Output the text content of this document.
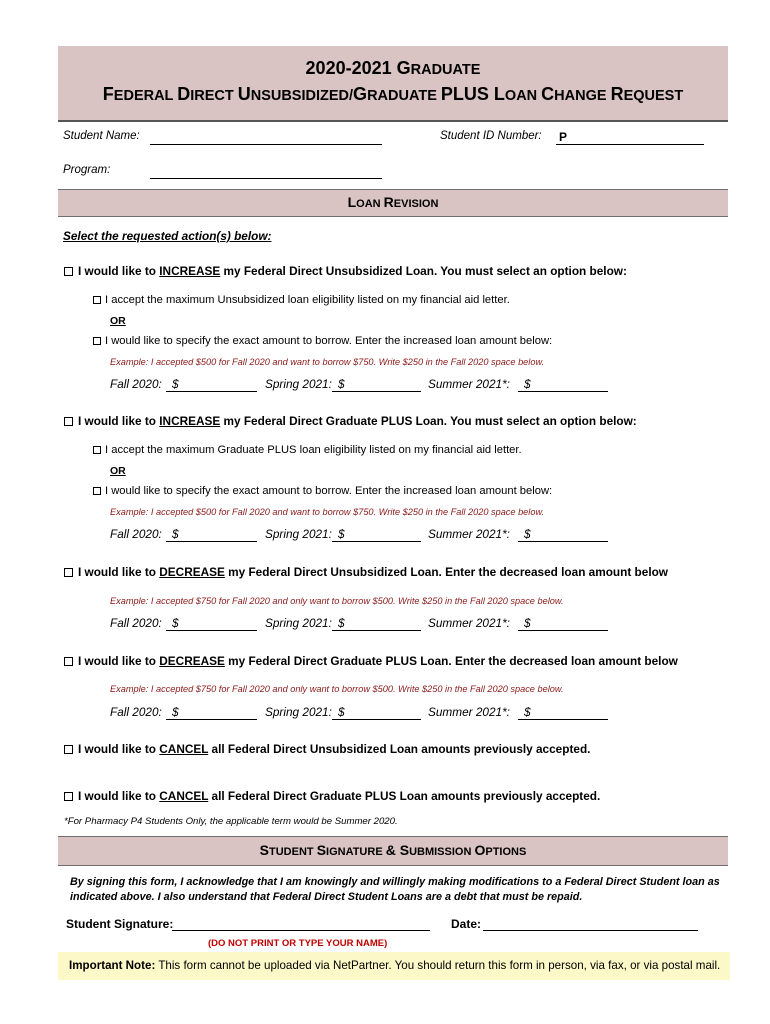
2020-2021 GRADUATE
FEDERAL DIRECT UNSUBSIDIZED/GRADUATE PLUS LOAN CHANGE REQUEST
Student Name:	Student ID Number: P
Program:
LOAN REVISION
Select the requested action(s) below:
I would like to INCREASE my Federal Direct Unsubsidized Loan. You must select an option below:
I accept the maximum Unsubsidized loan eligibility listed on my financial aid letter.
OR
I would like to specify the exact amount to borrow. Enter the increased loan amount below:
Example: I accepted $500 for Fall 2020 and want to borrow $750. Write $250 in the Fall 2020 space below.
I would like to INCREASE my Federal Direct Graduate PLUS Loan. You must select an option below:
I accept the maximum Graduate PLUS loan eligibility listed on my financial aid letter.
OR
I would like to specify the exact amount to borrow. Enter the increased loan amount below:
Example: I accepted $500 for Fall 2020 and want to borrow $750. Write $250 in the Fall 2020 space below.
I would like to DECREASE my Federal Direct Unsubsidized Loan. Enter the decreased loan amount below
Example: I accepted $750 for Fall 2020 and only want to borrow $500. Write $250 in the Fall 2020 space below.
I would like to DECREASE my Federal Direct Graduate PLUS Loan. Enter the decreased loan amount below
Example: I accepted $750 for Fall 2020 and only want to borrow $500. Write $250 in the Fall 2020 space below.
I would like to CANCEL all Federal Direct Unsubsidized Loan amounts previously accepted.
I would like to CANCEL all Federal Direct Graduate PLUS Loan amounts previously accepted.
*For Pharmacy P4 Students Only, the applicable term would be Summer 2020.
STUDENT SIGNATURE & SUBMISSION OPTIONS
By signing this form, I acknowledge that I am knowingly and willingly making modifications to a Federal Direct Student loan as
indicated above. I also understand that Federal Direct Student Loans are a debt that must be repaid.
Student Signature:	Date:
(DO NOT PRINT OR TYPE YOUR NAME)
Important Note: This form cannot be uploaded via NetPartner. You should return this form in person, via fax, or via postal mail.
Fall 2020: $	Spring 2021: $	Summer 2021*: $
Fall 2020: $	Spring 2021: $	Summer 2021*: $
Fall 2020: $	Spring 2021: $	Summer 2021*: $
Fall 2020: $	Spring 2021: $	Summer 2021*: $
